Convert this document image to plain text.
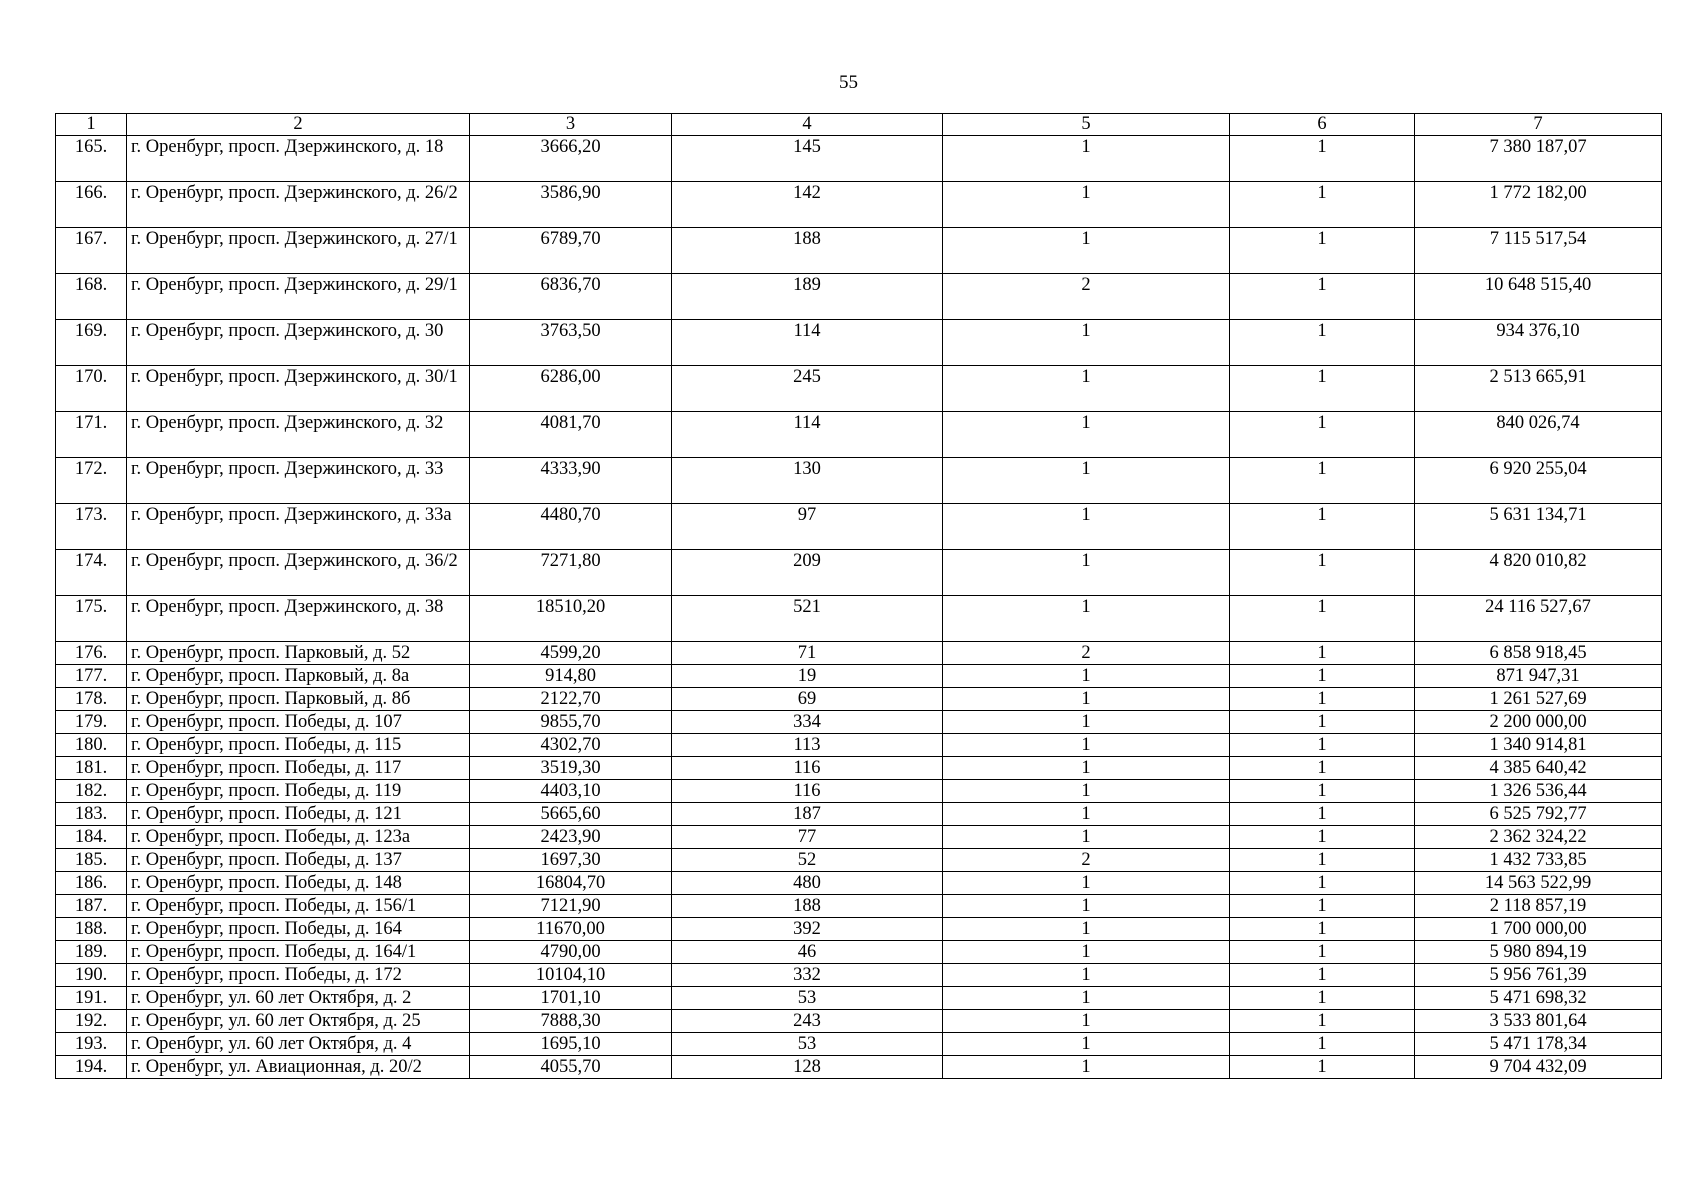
55
1	2	3	4	5	6	7
165.	г. Оренбург, просп. Дзержинского, д. 18	3666,20	145	1	1	7 380 187,07
166.	г. Оренбург, просп. Дзержинского, д. 26/2	3586,90	142	1	1	1 772 182,00
167.	г. Оренбург, просп. Дзержинского, д. 27/1	6789,70	188	1	1	7 115 517,54
168.	г. Оренбург, просп. Дзержинского, д. 29/1	6836,70	189	2	1	10 648 515,40
169.	г. Оренбург, просп. Дзержинского, д. 30	3763,50	114	1	1	934 376,10
170.	г. Оренбург, просп. Дзержинского, д. 30/1	6286,00	245	1	1	2 513 665,91
171.	г. Оренбург, просп. Дзержинского, д. 32	4081,70	114	1	1	840 026,74
172.	г. Оренбург, просп. Дзержинского, д. 33	4333,90	130	1	1	6 920 255,04
173.	г. Оренбург, просп. Дзержинского, д. 33а	4480,70	97	1	1	5 631 134,71
174.	г. Оренбург, просп. Дзержинского, д. 36/2	7271,80	209	1	1	4 820 010,82
175.	г. Оренбург, просп. Дзержинского, д. 38	18510,20	521	1	1	24 116 527,67
176.	г. Оренбург, просп. Парковый, д. 52	4599,20	71	2	1	6 858 918,45
177.	г. Оренбург, просп. Парковый, д. 8а	914,80	19	1	1	871 947,31
178.	г. Оренбург, просп. Парковый, д. 8б	2122,70	69	1	1	1 261 527,69
179.	г. Оренбург, просп. Победы, д. 107	9855,70	334	1	1	2 200 000,00
180.	г. Оренбург, просп. Победы, д. 115	4302,70	113	1	1	1 340 914,81
181.	г. Оренбург, просп. Победы, д. 117	3519,30	116	1	1	4 385 640,42
182.	г. Оренбург, просп. Победы, д. 119	4403,10	116	1	1	1 326 536,44
183.	г. Оренбург, просп. Победы, д. 121	5665,60	187	1	1	6 525 792,77
184.	г. Оренбург, просп. Победы, д. 123а	2423,90	77	1	1	2 362 324,22
185.	г. Оренбург, просп. Победы, д. 137	1697,30	52	2	1	1 432 733,85
186.	г. Оренбург, просп. Победы, д. 148	16804,70	480	1	1	14 563 522,99
187.	г. Оренбург, просп. Победы, д. 156/1	7121,90	188	1	1	2 118 857,19
188.	г. Оренбург, просп. Победы, д. 164	11670,00	392	1	1	1 700 000,00
189.	г. Оренбург, просп. Победы, д. 164/1	4790,00	46	1	1	5 980 894,19
190.	г. Оренбург, просп. Победы, д. 172	10104,10	332	1	1	5 956 761,39
191.	г. Оренбург, ул. 60 лет Октября, д. 2	1701,10	53	1	1	5 471 698,32
192.	г. Оренбург, ул. 60 лет Октября, д. 25	7888,30	243	1	1	3 533 801,64
193.	г. Оренбург, ул. 60 лет Октября, д. 4	1695,10	53	1	1	5 471 178,34
194.	г. Оренбург, ул. Авиационная, д. 20/2	4055,70	128	1	1	9 704 432,09
